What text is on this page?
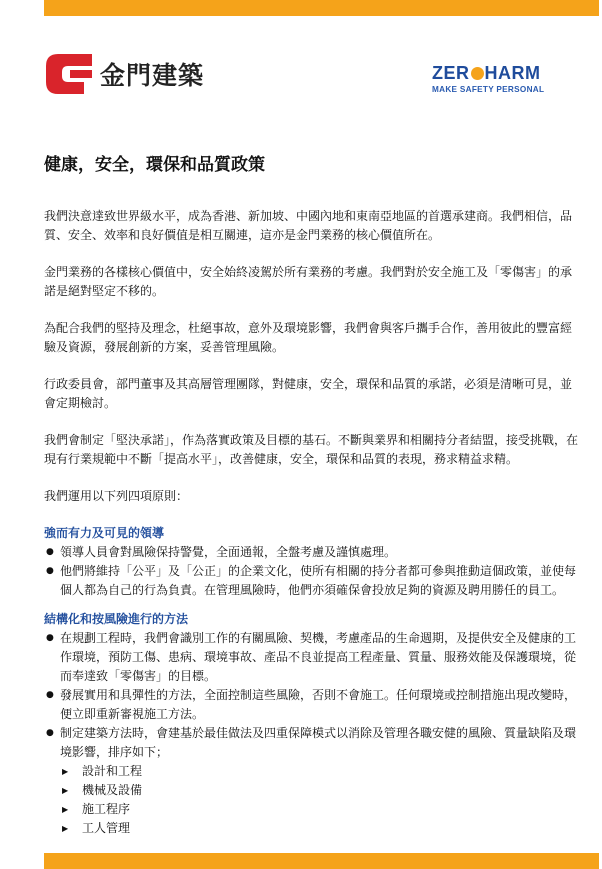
金門建築	ZER HARM
MAKE SAFETY PERSONAL
健康，安全，環保和品質政策

我們決意達致世界級水平，成為香港、新加坡、中國內地和東南亞地區的首選承建商。我們相信，品質、安全、效率和良好價值是相互關連，這亦是金門業務的核心價值所在。

金門業務的各樣核心價值中，安全始終凌駕於所有業務的考慮。我們對於安全施工及「零傷害」的承諾是絕對堅定不移的。

為配合我們的堅持及理念，杜絕事故，意外及環境影響，我們會與客戶攜手合作，善用彼此的豐富經驗及資源，發展創新的方案，妥善管理風險。

行政委員會，部門董事及其高層管理團隊，對健康，安全，環保和品質的承諾，必須是清晰可見，並會定期檢討。

我們會制定「堅決承諾」，作為落實政策及目標的基石。不斷與業界和相關持分者結盟，接受挑戰，在現有行業規範中不斷「提高水平」，改善健康，安全，環保和品質的表現，務求精益求精。

我們運用以下列四項原則：

強而有力及可見的領導

● 領導人員會對風險保持警覺，全面通報，全盤考慮及謹慎處理。
● 他們將維持「公平」及「公正」的企業文化，使所有相關的持分者都可參與推動這個政策，並使每個人都為自己的行為負責。在管理風險時，他們亦須確保會投放足夠的資源及聘用勝任的員工。

結構化和按風險進行的方法

● 在規劃工程時，我們會識別工作的有關風險、契機，考慮產品的生命週期，及提供安全及健康的工作環境，預防工傷、患病、環境事故、產品不良並提高工程產量、質量、服務效能及保護環境，從而奉達致「零傷害」的目標。
● 發展實用和具彈性的方法，全面控制這些風險，否則不會施工。任何環境或控制措施出現改變時，便立即重新審視施工方法。
● 制定建築方法時，會建基於最佳做法及四重保障模式以消除及管理各職安健的風險、質量缺陷及環境影響，排序如下；
▶ 設計和工程
▶ 機械及設備
▶ 施工程序
▶ 工人管理
